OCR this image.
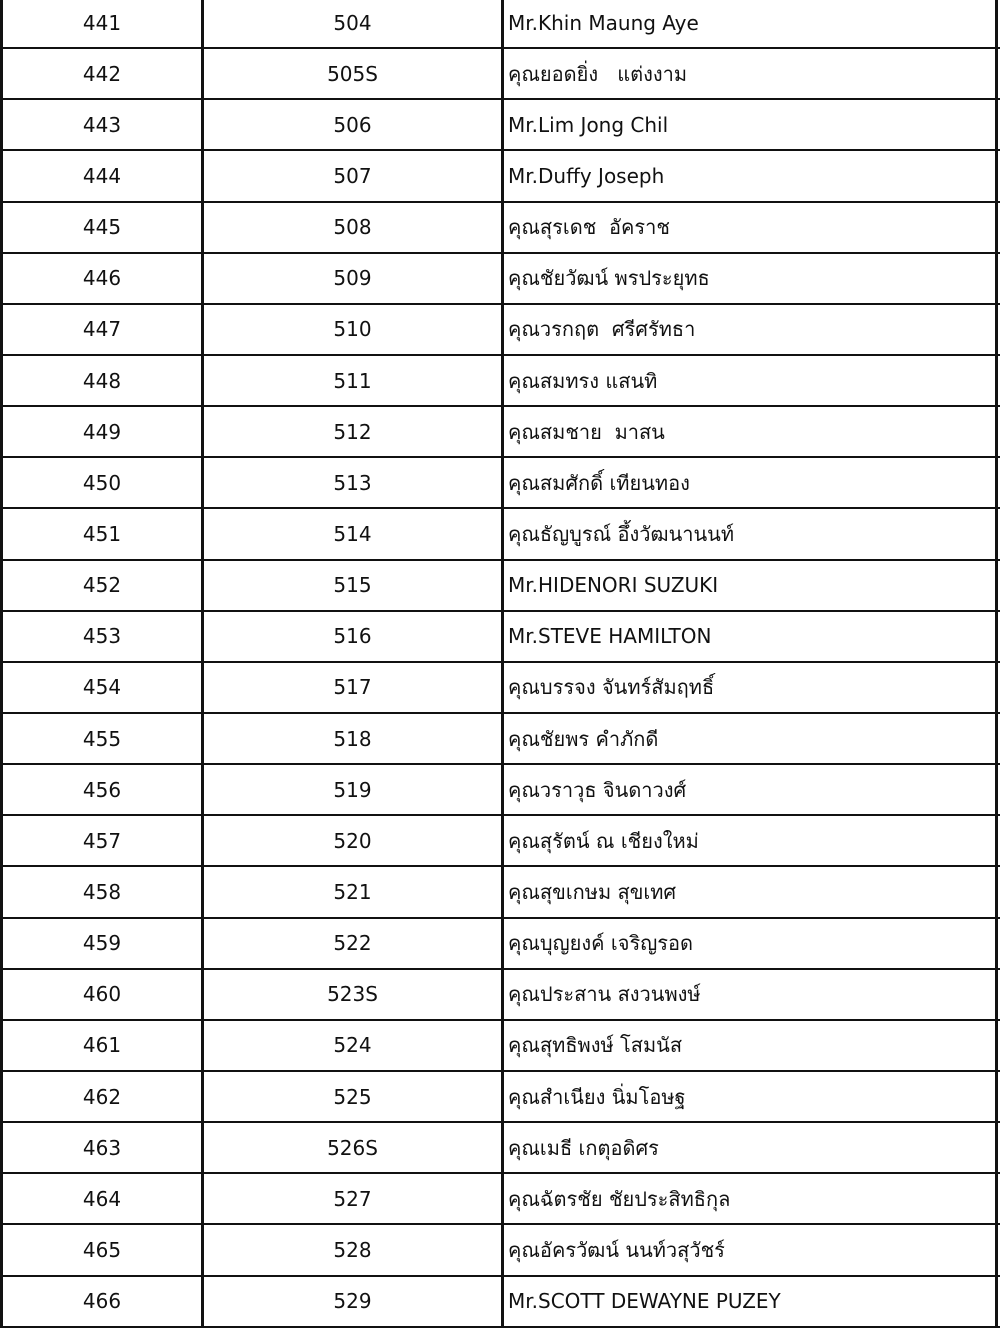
441	504	Mr.Khin Maung Aye
442	505S	คุณยอดยิ่ง   แต่งงาม
443	506	Mr.Lim Jong Chil
444	507	Mr.Duffy Joseph
445	508	คุณสุรเดช  อัคราช
446	509	คุณชัยวัฒน์ พรประยุทธ
447	510	คุณวรกฤต  ศรีศรัทธา
448	511	คุณสมทรง แสนทิ
449	512	คุณสมชาย  มาสน
450	513	คุณสมศักดิ์ เทียนทอง
451	514	คุณธัญบูรณ์ อึ้งวัฒนานนท์
452	515	Mr.HIDENORI SUZUKI
453	516	Mr.STEVE HAMILTON
454	517	คุณบรรจง จันทร์สัมฤทธิ์
455	518	คุณชัยพร คำภักดี
456	519	คุณวราวุธ จินดาวงศ์
457	520	คุณสุรัตน์ ณ เชียงใหม่
458	521	คุณสุขเกษม สุขเทศ
459	522	คุณบุญยงค์ เจริญรอด
460	523S	คุณประสาน สงวนพงษ์
461	524	คุณสุทธิพงษ์ โสมนัส
462	525	คุณสำเนียง นิ่มโอษฐ
463	526S	คุณเมธี เกตุอดิศร
464	527	คุณฉัตรชัย ชัยประสิทธิกุล
465	528	คุณอัครวัฒน์ นนท์วสุวัชร์
466	529	Mr.SCOTT DEWAYNE PUZEY
